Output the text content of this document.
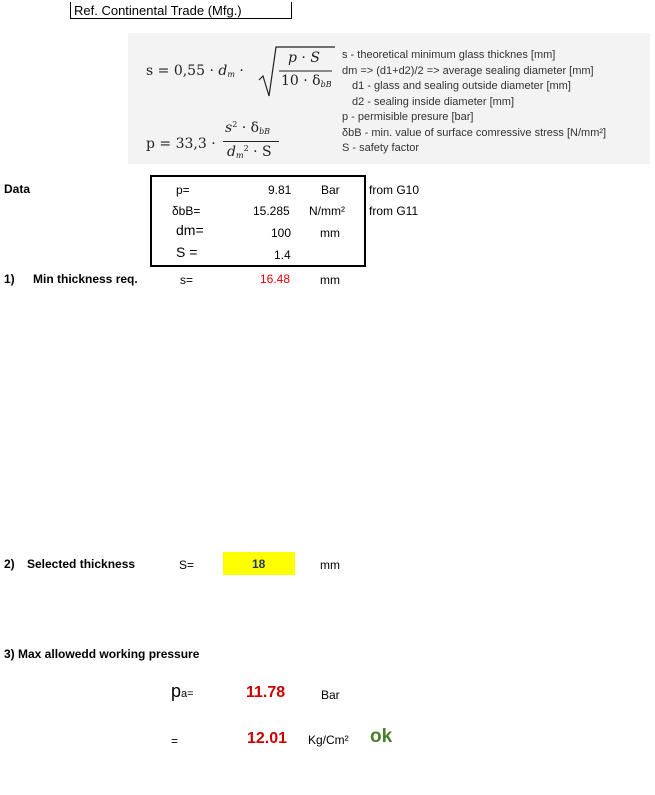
Ref. Continental Trade (Mfg.)
$s = 0,55 \cdot d_m$ ·
p · S
$10 \cdot \delta_{bB}$
p = 33,3 ·
$s^2 \cdot \delta_{bB}$
$d_m^2 \cdot S$
s - theoretical minimum glass thicknes [mm]
dm => (d1+d2)/2 => average sealing diameter [mm]
d1 - glass and sealing outside diameter [mm]
d2 - sealing inside diameter [mm]
p - permisible presure [bar]
δbB - min. value of surface comressive stress [N/mm²]
S - safety factor
Data	p=	9.81 Bar from G10
δbB=	15.285 N/mm² from G11
dm=	100 mm
S =	1.4
1) Min thickness req.	s=	16.48 mm
2) Selected thickness	S=	18	mm
3) Max allowedd working pressure
pa=	11.78	Bar
=	12.01 Kg/Cm² ok
